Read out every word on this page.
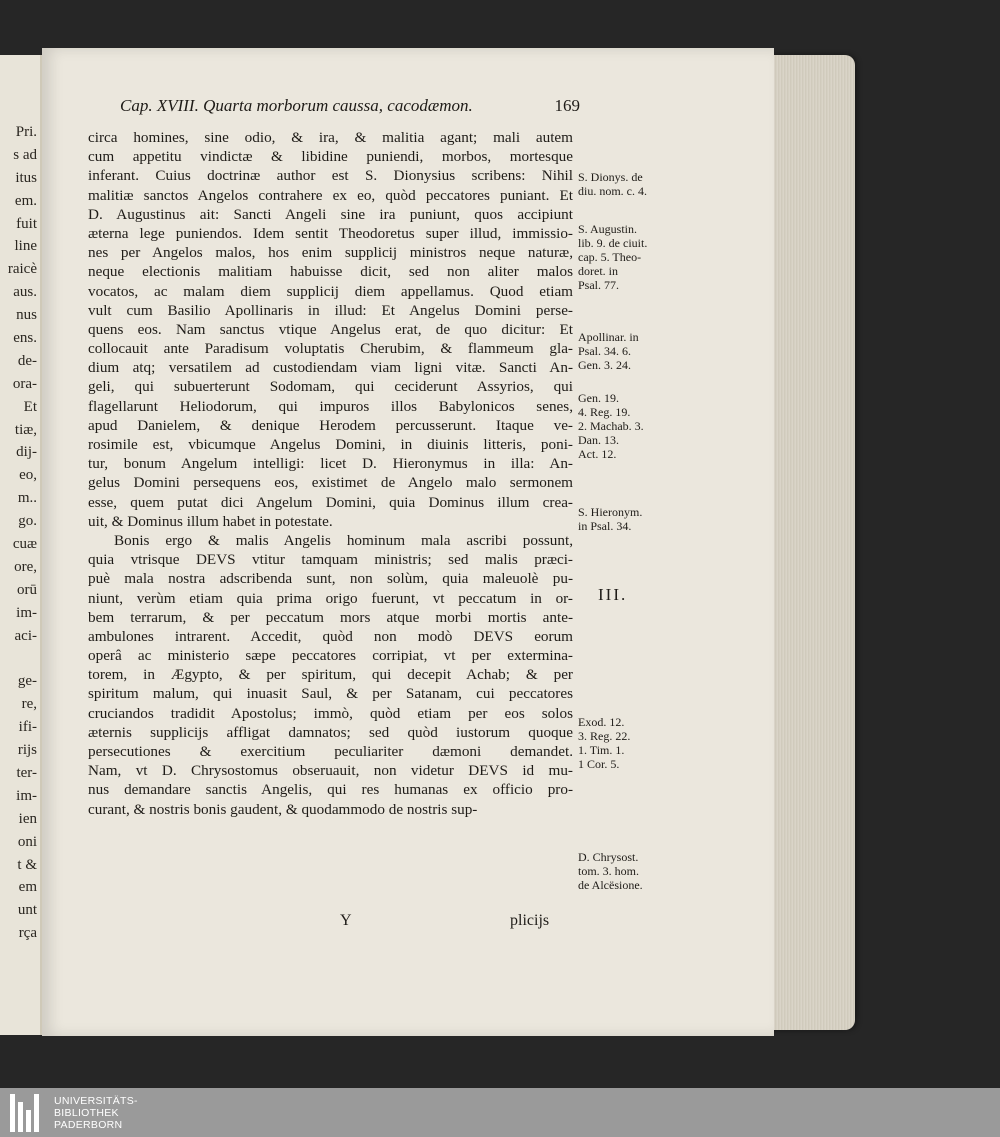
Pri.
s ad
itus
em.
fuit
line
raicè
aus.
nus
ens.
de-
ora-
Et
tiæ,
dij-
eo,
m..
go.
cuæ
ore,
orū
im-
aci-
ge-
re,
ifi-
rijs
ter-
im-
ien
oni
t &
em
unt
rça
Cap. XVIII. Quarta morborum caussa, cacodæmon.	169
circa homines, sine odio, & ira, & malitia agant; mali autem
cum appetitu vindictæ & libidine puniendi, morbos, mortesque
inferant. Cuius doctrinæ author est S. Dionysius scribens: Nihil
malitiæ sanctos Angelos contrahere ex eo, quòd peccatores puniant. Et
D. Augustinus ait: Sancti Angeli sine ira puniunt, quos accipiunt
æterna lege puniendos. Idem sentit Theodoretus super illud, immissio-
nes per Angelos malos, hos enim supplicij ministros neque naturæ,
neque electionis malitiam habuisse dicit, sed non aliter malos
vocatos, ac malam diem supplicij diem appellamus. Quod etiam
vult cum Basilio Apollinaris in illud: Et Angelus Domini perse-
quens eos. Nam sanctus vtique Angelus erat, de quo dicitur: Et
collocauit ante Paradisum voluptatis Cherubim, & flammeum gla-
dium atq; versatilem ad custodiendam viam ligni vitæ. Sancti An-
geli, qui subuerterunt Sodomam, qui ceciderunt Assyrios, qui
flagellarunt Heliodorum, qui impuros illos Babylonicos senes,
apud Danielem, & denique Herodem percusserunt. Itaque ve-
rosimile est, vbicumque Angelus Domini, in diuinis litteris, poni-
tur, bonum Angelum intelligi: licet D. Hieronymus in illa: An-
gelus Domini persequens eos, existimet de Angelo malo sermonem
esse, quem putat dici Angelum Domini, quia Dominus illum crea-
uit, & Dominus illum habet in potestate.
Bonis ergo & malis Angelis hominum mala ascribi possunt,
quia vtrisque DEVS vtitur tamquam ministris; sed malis præci-
puè mala nostra adscribenda sunt, non solùm, quia maleuolè pu-
niunt, verùm etiam quia prima origo fuerunt, vt peccatum in or-
bem terrarum, & per peccatum mors atque morbi mortis ante-
ambulones intrarent. Accedit, quòd non modò DEVS eorum
operâ ac ministerio sæpe peccatores corripiat, vt per extermina-
torem, in Ægypto, & per spiritum, qui decepit Achab; & per
spiritum malum, qui inuasit Saul, & per Satanam, cui peccatores
cruciandos tradidit Apostolus; immò, quòd etiam per eos solos
æternis supplicijs affligat damnatos; sed quòd iustorum quoque
persecutiones & exercitium peculiariter dæmoni demandet.
Nam, vt D. Chrysostomus obseruauit, non videtur DEVS id mu-
nus demandare sanctis Angelis, qui res humanas ex officio pro-
curant, & nostris bonis gaudent, & quodammodo de nostris sup-
S. Dionys. de
diu. nom. c. 4.
S. Augustin.
lib. 9. de ciuit.
cap. 5. Theo-
doret. in
Psal. 77.
Apollinar. in
Psal. 34. 6.
Gen. 3. 24.
Gen. 19.
4. Reg. 19.
2. Machab. 3.
Dan. 13.
Act. 12.
S. Hieronym.
in Psal. 34.
III.
Exod. 12.
3. Reg. 22.
1. Tim. 1.
1 Cor. 5.
D. Chrysost.
tom. 3. hom.
de Alcësione.
Y	plicijs
UNIVERSITÄTS-
BIBLIOTHEK
PADERBORN
